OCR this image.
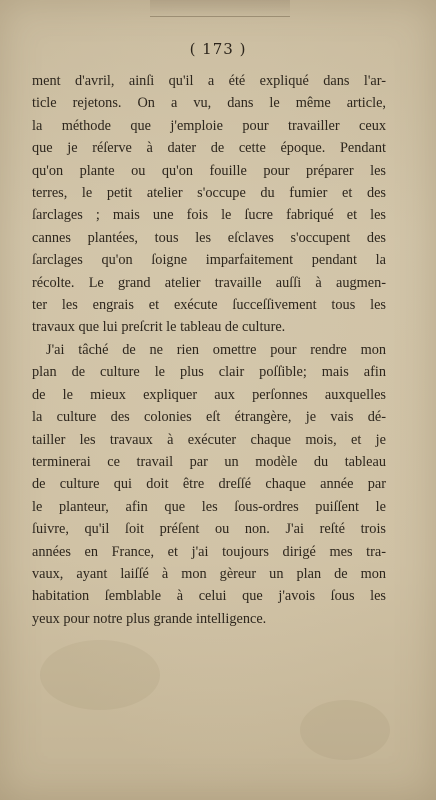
( 173 )

ment d'avril, ainſi qu'il a été expliqué dans l'ar-
ticle rejetons. On a vu, dans le même article,
la méthode que j'emploie pour travailler ceux
que je réſerve à dater de cette époque. Pendant
qu'on plante ou qu'on fouille pour préparer les
terres, le petit atelier s'occupe du fumier et des
ſarclages ; mais une fois le ſucre fabriqué et les
cannes plantées, tous les eſclaves s'occupent des
ſarclages qu'on ſoigne imparfaitement pendant la
récolte. Le grand atelier travaille auſſi à augmen-
ter les engrais et exécute ſucceſſivement tous les
travaux que lui preſcrit le tableau de culture.

J'ai tâché de ne rien omettre pour rendre mon
plan de culture le plus clair poſſible; mais afin
de le mieux expliquer aux perſonnes auxquelles
la culture des colonies eſt étrangère, je vais dé-
tailler les travaux à exécuter chaque mois, et je
terminerai ce travail par un modèle du tableau
de culture qui doit être dreſſé chaque année par
le planteur, afin que les ſous-ordres puiſſent le
ſuivre, qu'il ſoit préſent ou non. J'ai reſté trois
années en France, et j'ai toujours dirigé mes tra-
vaux, ayant laiſſé à mon gèreur un plan de mon
habitation ſemblable à celui que j'avois ſous les
yeux pour notre plus grande intelligence.
